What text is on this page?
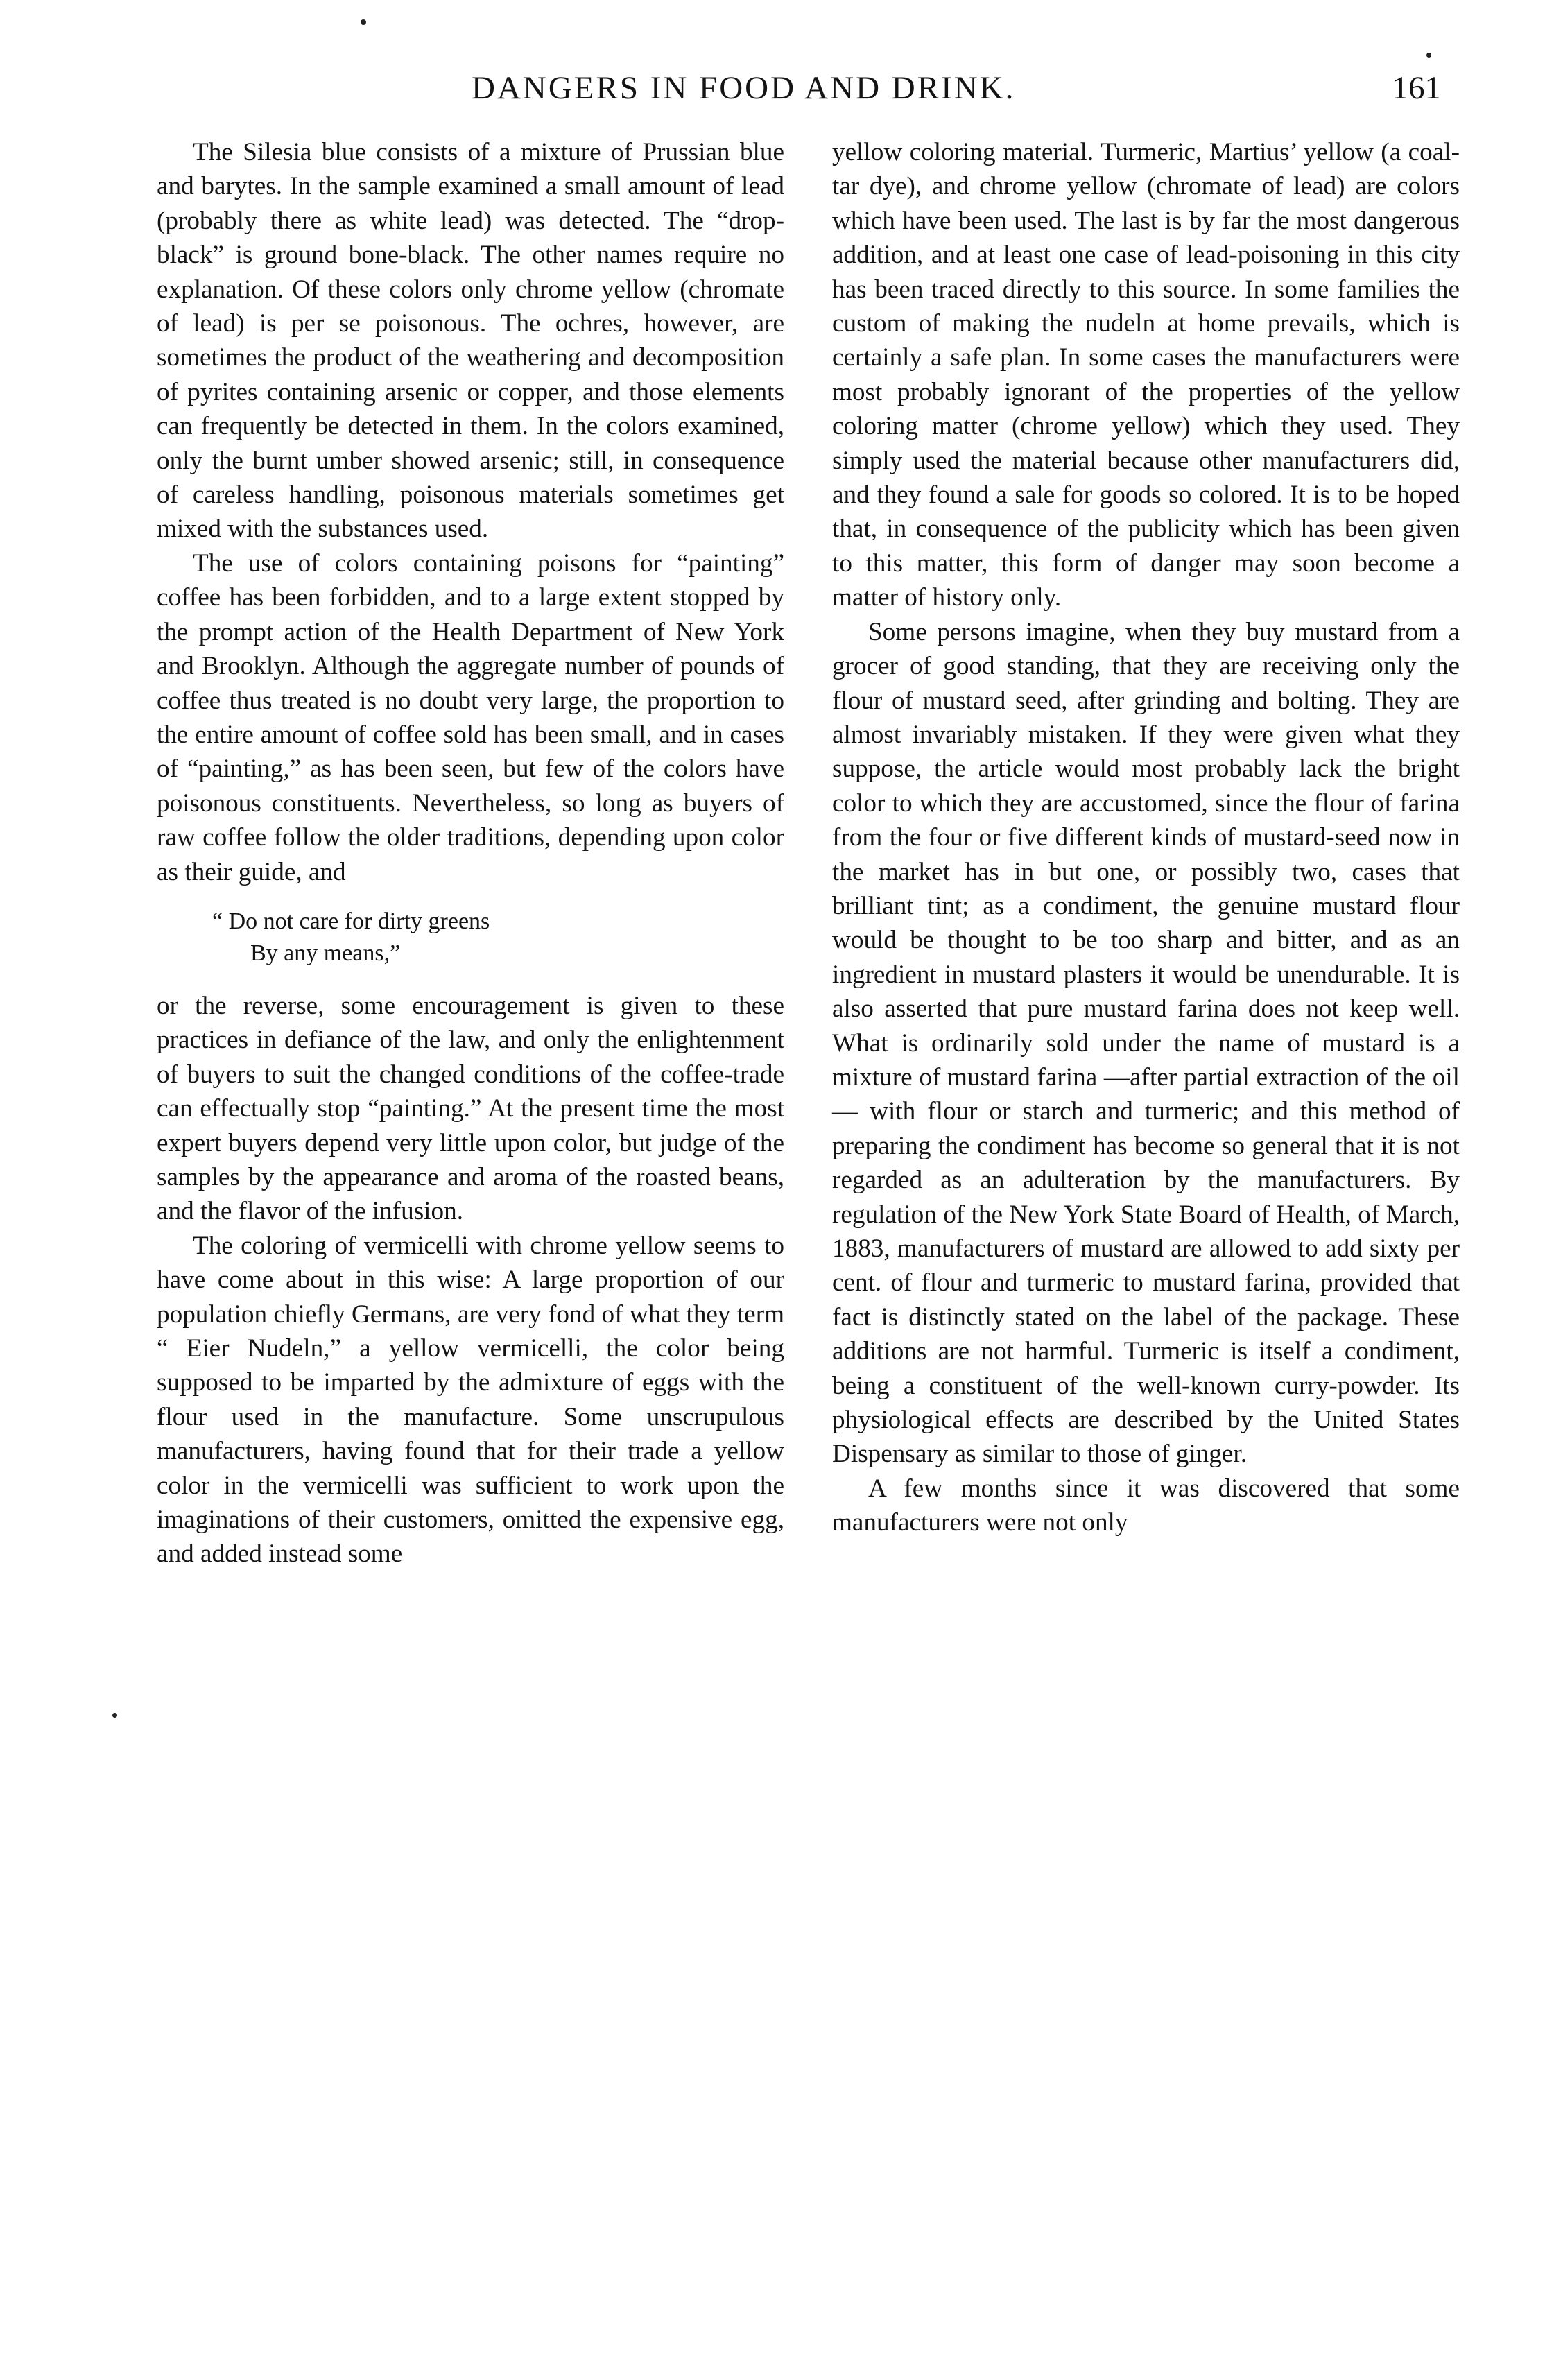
DANGERS IN FOOD AND DRINK.	161

The Silesia blue consists of a mixture of Prussian blue and barytes. In the sample examined a small amount of lead (probably there as white lead) was detected. The “drop-black” is ground bone-black. The other names require no explanation. Of these colors only chrome yellow (chromate of lead) is per se poisonous. The ochres, however, are sometimes the product of the weathering and decomposition of pyrites containing arsenic or copper, and those elements can frequently be detected in them. In the colors examined, only the burnt umber showed arsenic; still, in consequence of careless handling, poisonous materials sometimes get mixed with the substances used.

The use of colors containing poisons for “painting” coffee has been forbidden, and to a large extent stopped by the prompt action of the Health Department of New York and Brooklyn. Although the aggregate number of pounds of coffee thus treated is no doubt very large, the proportion to the entire amount of coffee sold has been small, and in cases of “painting,” as has been seen, but few of the colors have poisonous constituents. Nevertheless, so long as buyers of raw coffee follow the older traditions, depending upon color as their guide, and

“ Do not care for dirty greens
By any means,”

or the reverse, some encouragement is given to these practices in defiance of the law, and only the enlightenment of buyers to suit the changed conditions of the coffee-trade can effectually stop “painting.” At the present time the most expert buyers depend very little upon color, but judge of the samples by the appearance and aroma of the roasted beans, and the flavor of the infusion.

The coloring of vermicelli with chrome yellow seems to have come about in this wise: A large proportion of our population chiefly Germans, are very fond of what they term “ Eier Nudeln,” a yellow vermicelli, the color being supposed to be imparted by the admixture of eggs with the flour used in the manufacture. Some unscrupulous manufacturers, having found that for their trade a yellow color in the vermicelli was sufficient to work upon the imaginations of their customers, omitted the expensive egg, and added instead some

yellow coloring material. Turmeric, Martius’ yellow (a coal-tar dye), and chrome yellow (chromate of lead) are colors which have been used. The last is by far the most dangerous addition, and at least one case of lead-poisoning in this city has been traced directly to this source. In some families the custom of making the nudeln at home prevails, which is certainly a safe plan. In some cases the manufacturers were most probably ignorant of the properties of the yellow coloring matter (chrome yellow) which they used. They simply used the material because other manufacturers did, and they found a sale for goods so colored. It is to be hoped that, in consequence of the publicity which has been given to this matter, this form of danger may soon become a matter of history only.

Some persons imagine, when they buy mustard from a grocer of good standing, that they are receiving only the flour of mustard seed, after grinding and bolting. They are almost invariably mistaken. If they were given what they suppose, the article would most probably lack the bright color to which they are accustomed, since the flour of farina from the four or five different kinds of mustard-seed now in the market has in but one, or possibly two, cases that brilliant tint; as a condiment, the genuine mustard flour would be thought to be too sharp and bitter, and as an ingredient in mustard plasters it would be unendurable. It is also asserted that pure mustard farina does not keep well. What is ordinarily sold under the name of mustard is a mixture of mustard farina —after partial extraction of the oil— with flour or starch and turmeric; and this method of preparing the condiment has become so general that it is not regarded as an adulteration by the manufacturers. By regulation of the New York State Board of Health, of March, 1883, manufacturers of mustard are allowed to add sixty per cent. of flour and turmeric to mustard farina, provided that fact is distinctly stated on the label of the package. These additions are not harmful. Turmeric is itself a condiment, being a constituent of the well-known curry-powder. Its physiological effects are described by the United States Dispensary as similar to those of ginger.

A few months since it was discovered that some manufacturers were not only
